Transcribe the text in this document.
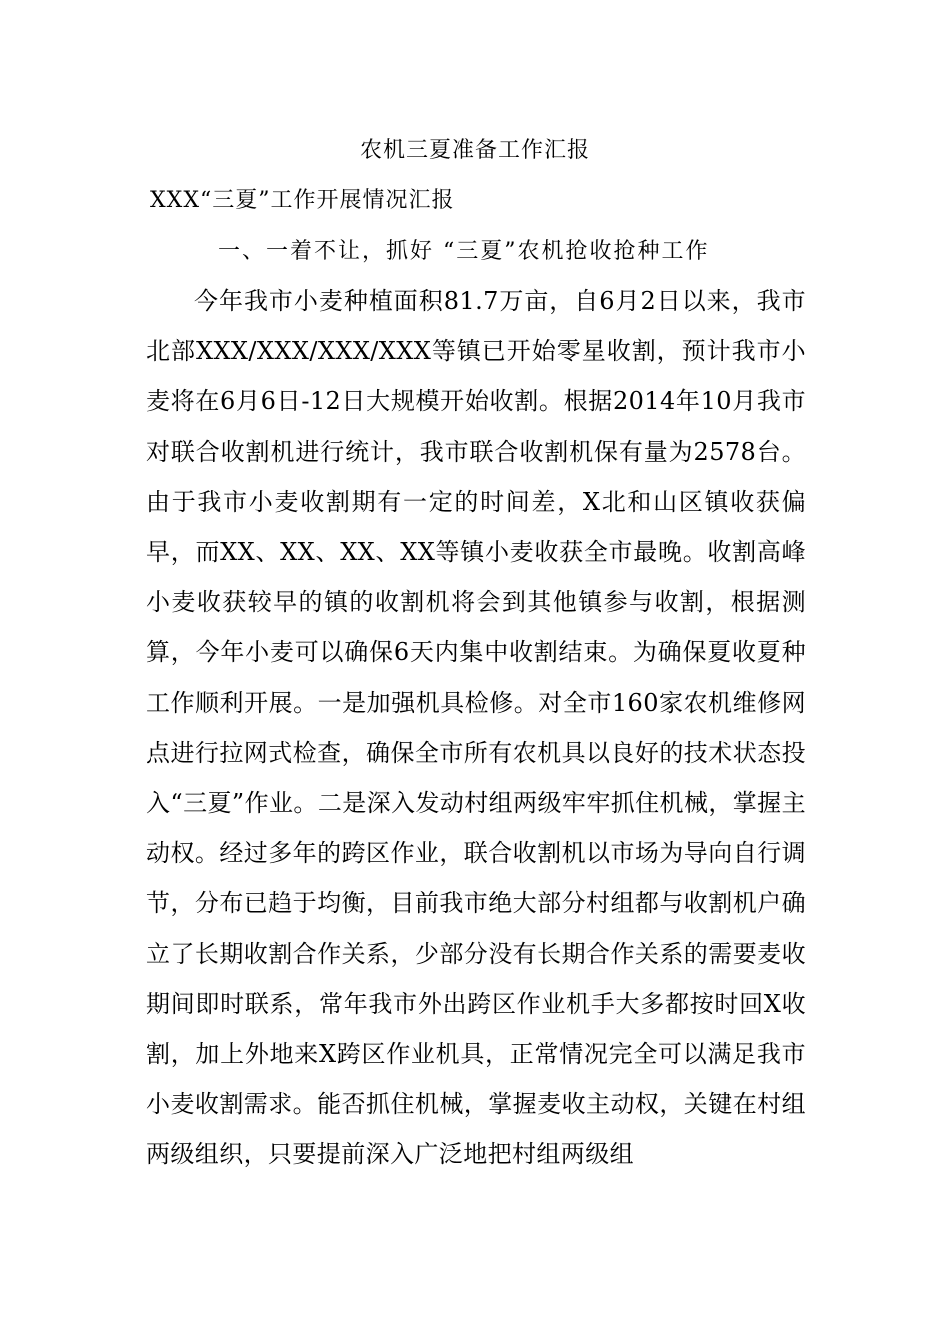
农机三夏准备工作汇报
XXX“三夏”工作开展情况汇报
一、一着不让，抓好 “三夏”农机抢收抢种工作

今年我市小麦种植面积81.7万亩，自6月2日以来，我市北部XXX/XXX/XXX/XXX等镇已开始零星收割，预计我市小麦将在6月6日-12日大规模开始收割。根据2014年10月我市对联合收割机进行统计，我市联合收割机保有量为2578台。由于我市小麦收割期有一定的时间差，X北和山区镇收获偏早，而XX、XX、XX、XX等镇小麦收获全市最晚。收割高峰小麦收获较早的镇的收割机将会到其他镇参与收割，根据测算，今年小麦可以确保6天内集中收割结束。为确保夏收夏种工作顺利开展。一是加强机具检修。对全市160家农机维修网点进行拉网式检查，确保全市所有农机具以良好的技术状态投入“三夏”作业。二是深入发动村组两级牢牢抓住机械，掌握主动权。经过多年的跨区作业，联合收割机以市场为导向自行调节，分布已趋于均衡，目前我市绝大部分村组都与收割机户确立了长期收割合作关系，少部分没有长期合作关系的需要麦收期间即时联系，常年我市外出跨区作业机手大多都按时回X收割，加上外地来X跨区作业机具，正常情况完全可以满足我市小麦收割需求。能否抓住机械，掌握麦收主动权，关键在村组两级组织，只要提前深入广泛地把村组两级组
